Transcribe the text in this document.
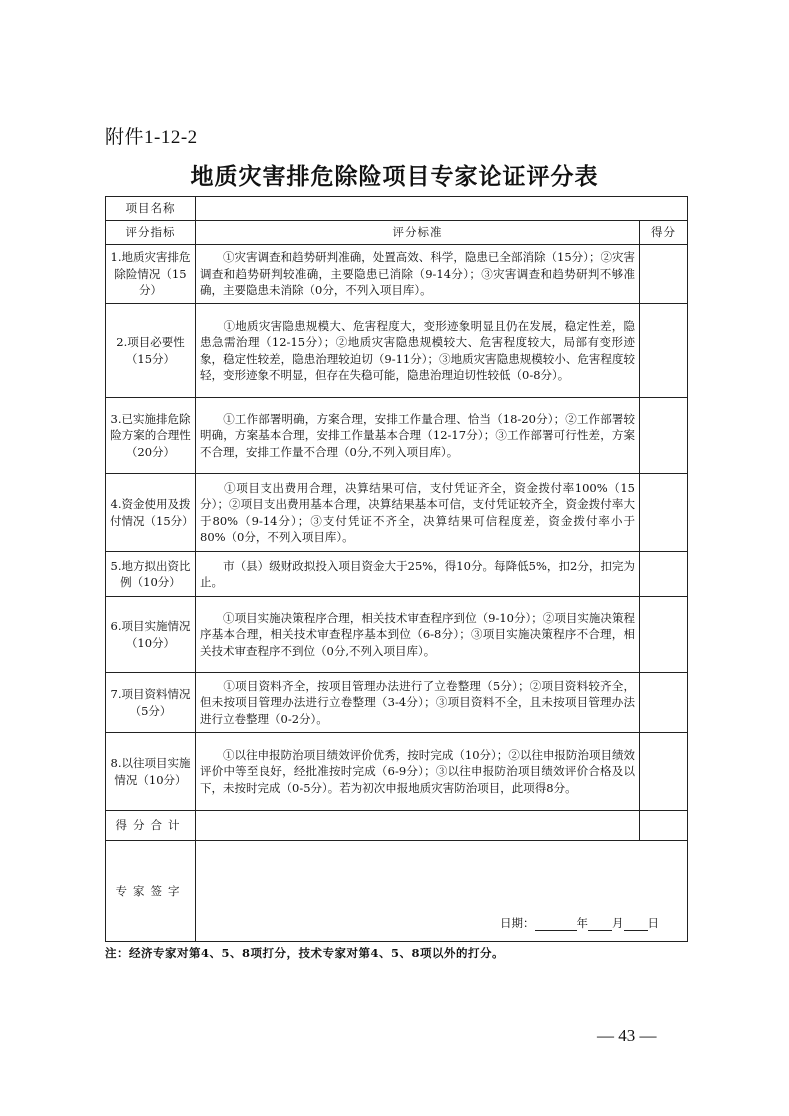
附件1-12-2
地质灾害排危除险项目专家论证评分表
项目名称		
评分指标	评分标准	得分
1.地质灾害排危除险情况（15分）	　　①灾害调查和趋势研判准确，处置高效、科学，隐患已全部消除（15分）；②灾害调查和趋势研判较准确，主要隐患已消除（9-14分）；③灾害调查和趋势研判不够准确，主要隐患未消除（0分，不列入项目库）。	
2.项目必要性（15分）	　　①地质灾害隐患规模大、危害程度大，变形迹象明显且仍在发展，稳定性差，隐患急需治理（12-15分）；②地质灾害隐患规模较大、危害程度较大，局部有变形迹象，稳定性较差，隐患治理较迫切（9-11分）；③地质灾害隐患规模较小、危害程度较轻，变形迹象不明显，但存在失稳可能，隐患治理迫切性较低（0-8分）。	
3.已实施排危除险方案的合理性（20分）	　　①工作部署明确，方案合理，安排工作量合理、恰当（18-20分）；②工作部署较明确，方案基本合理，安排工作量基本合理（12-17分）；③工作部署可行性差，方案不合理，安排工作量不合理（0分,不列入项目库）。	
4.资金使用及拨付情况（15分）	　　①项目支出费用合理，决算结果可信，支付凭证齐全，资金拨付率100%（15分）；②项目支出费用基本合理，决算结果基本可信，支付凭证较齐全，资金拨付率大于80%（9-14分）；③支付凭证不齐全，决算结果可信程度差，资金拨付率小于80%（0分，不列入项目库）。	
5.地方拟出资比例（10分）	　　市（县）级财政拟投入项目资金大于25%，得10分。每降低5%，扣2分，扣完为止。	
6.项目实施情况（10分）	　　①项目实施决策程序合理，相关技术审查程序到位（9-10分）；②项目实施决策程序基本合理，相关技术审查程序基本到位（6-8分）；③项目实施决策程序不合理，相关技术审查程序不到位（0分,不列入项目库）。	
7.项目资料情况（5分）	　　①项目资料齐全，按项目管理办法进行了立卷整理（5分）；②项目资料较齐全，但未按项目管理办法进行立卷整理（3-4分）；③项目资料不全，且未按项目管理办法进行立卷整理（0-2分）。	
8.以往项目实施情况（10分）	　　①以往申报防治项目绩效评价优秀，按时完成（10分）；②以往申报防治项目绩效评价中等至良好，经批准按时完成（6-9分）；③以往申报防治项目绩效评价合格及以下，未按时完成（0-5分）。若为初次申报地质灾害防治项目，此项得8分。	
得分合计		
专家签字	日期： 年 月 日	
注：经济专家对第4、5、8项打分，技术专家对第4、5、8项以外的打分。
— 43 —
